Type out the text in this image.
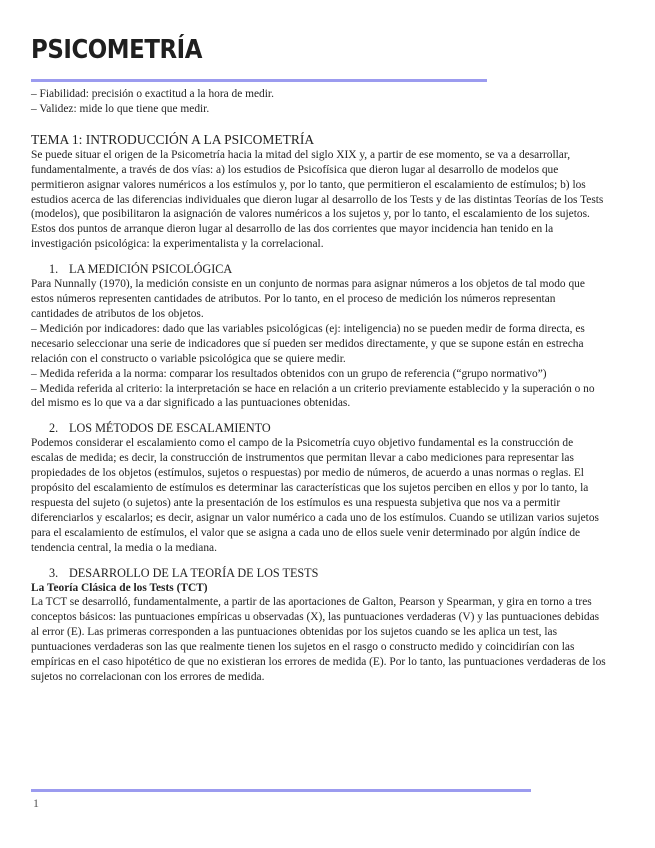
PSICOMETRÍA

– Fiabilidad: precisión o exactitud a la hora de medir.

– Validez: mide lo que tiene que medir.

TEMA 1: INTRODUCCIÓN A LA PSICOMETRÍA

Se puede situar el origen de la Psicometría hacia la mitad del siglo XIX y, a partir de ese momento, se va a desarrollar, fundamentalmente, a través de dos vías: a) los estudios de Psicofísica que dieron lugar al desarrollo de modelos que permitieron asignar valores numéricos a los estímulos y, por lo tanto, que permitieron el escalamiento de estímulos; b) los estudios acerca de las diferencias individuales que dieron lugar al desarrollo de los Tests y de las distintas Teorías de los Tests (modelos), que posibilitaron la asignación de valores numéricos a los sujetos y, por lo tanto, el escalamiento de los sujetos. Estos dos puntos de arranque dieron lugar al desarrollo de las dos corrientes que mayor incidencia han tenido en la investigación psicológica: la experimentalista y la correlacional.

1. LA MEDICIÓN PSICOLÓGICA

Para Nunnally (1970), la medición consiste en un conjunto de normas para asignar números a los objetos de tal modo que estos números representen cantidades de atributos. Por lo tanto, en el proceso de medición los números representan cantidades de atributos de los objetos.

– Medición por indicadores: dado que las variables psicológicas (ej: inteligencia) no se pueden medir de forma directa, es necesario seleccionar una serie de indicadores que sí pueden ser medidos directamente, y que se supone están en estrecha relación con el constructo o variable psicológica que se quiere medir.

– Medida referida a la norma: comparar los resultados obtenidos con un grupo de referencia (“grupo normativo”)

– Medida referida al criterio: la interpretación se hace en relación a un criterio previamente establecido y la superación o no del mismo es lo que va a dar significado a las puntuaciones obtenidas.

2. LOS MÉTODOS DE ESCALAMIENTO

Podemos considerar el escalamiento como el campo de la Psicometría cuyo objetivo fundamental es la construcción de escalas de medida; es decir, la construcción de instrumentos que permitan llevar a cabo mediciones para representar las propiedades de los objetos (estímulos, sujetos o respuestas) por medio de números, de acuerdo a unas normas o reglas. El propósito del escalamiento de estímulos es determinar las características que los sujetos perciben en ellos y por lo tanto, la respuesta del sujeto (o sujetos) ante la presentación de los estímulos es una respuesta subjetiva que nos va a permitir diferenciarlos y escalarlos; es decir, asignar un valor numérico a cada uno de los estímulos. Cuando se utilizan varios sujetos para el escalamiento de estímulos, el valor que se asigna a cada uno de ellos suele venir determinado por algún índice de tendencia central, la media o la mediana.

3. DESARROLLO DE LA TEORÍA DE LOS TESTS

La Teoría Clásica de los Tests (TCT)

La TCT se desarrolló, fundamentalmente, a partir de las aportaciones de Galton, Pearson y Spearman, y gira en torno a tres conceptos básicos: las puntuaciones empíricas u observadas (X), las puntuaciones verdaderas (V) y las puntuaciones debidas al error (E). Las primeras corresponden a las puntuaciones obtenidas por los sujetos cuando se les aplica un test, las puntuaciones verdaderas son las que realmente tienen los sujetos en el rasgo o constructo medido y coincidirían con las empíricas en el caso hipotético de que no existieran los errores de medida (E). Por lo tanto, las puntuaciones verdaderas de los sujetos no correlacionan con los errores de medida.

1
